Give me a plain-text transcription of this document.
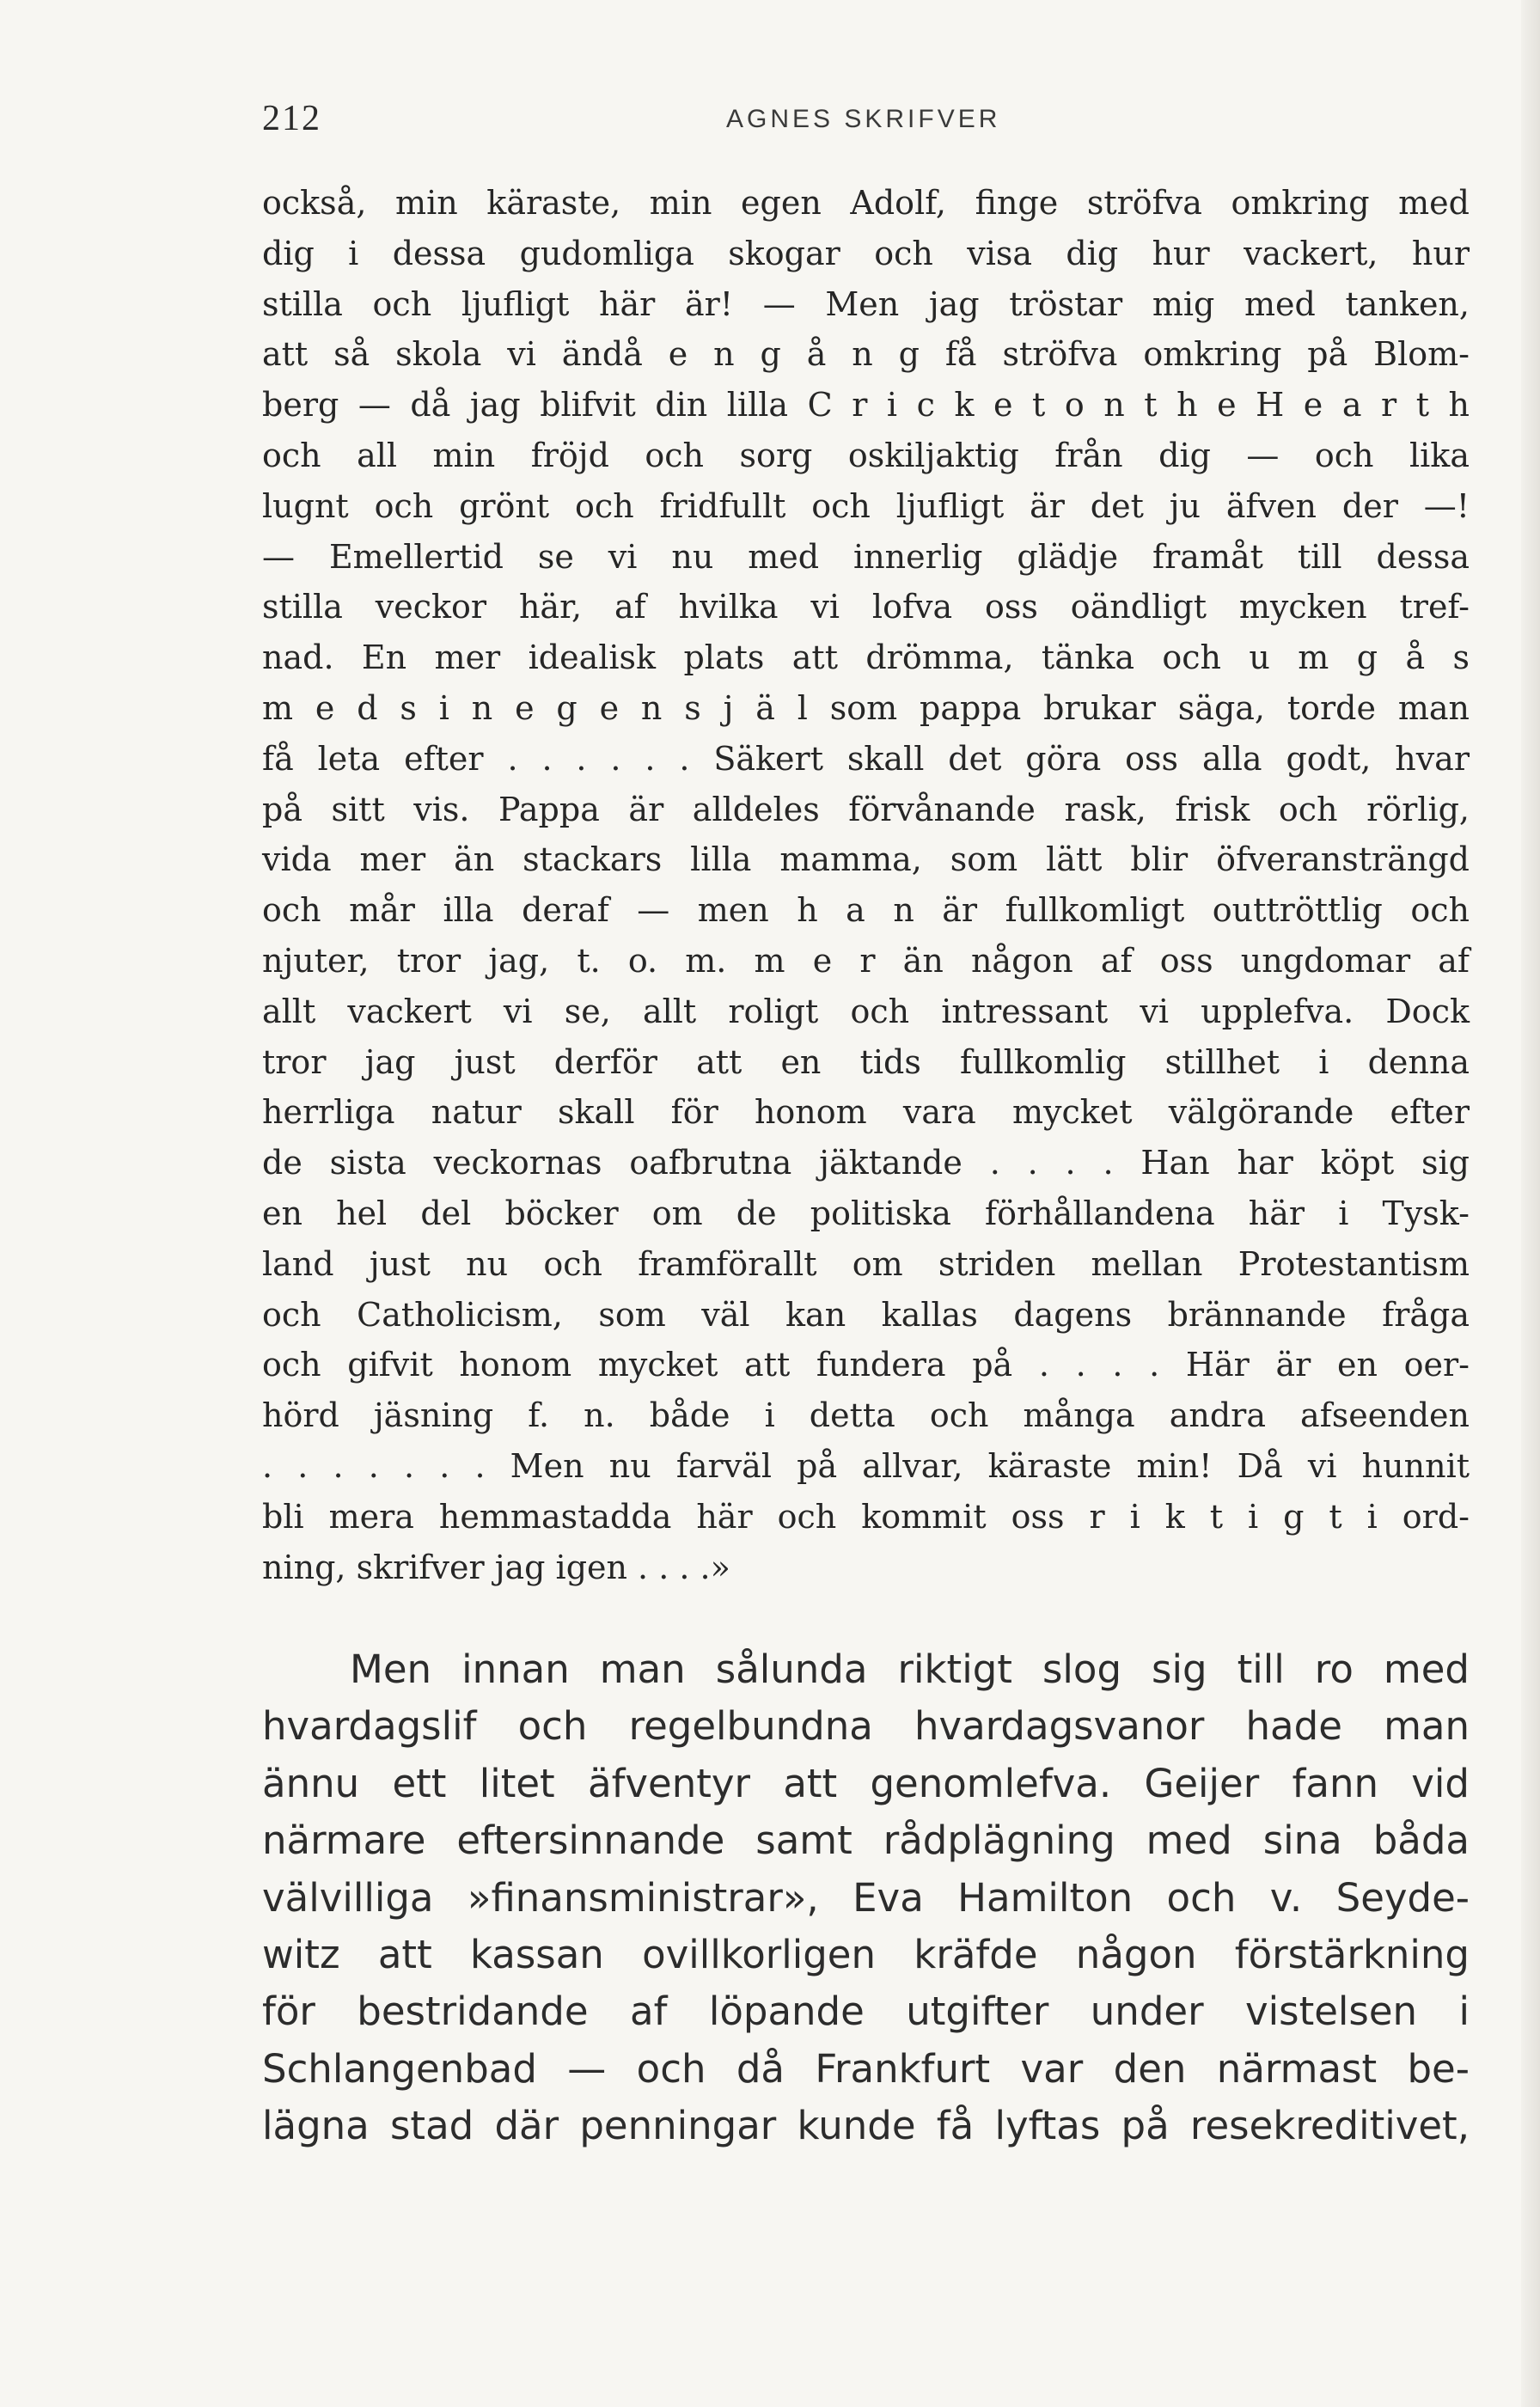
212	AGNES SKRIFVER
också, min käraste, min egen Adolf, finge ströfva omkring med
dig i dessa gudomliga skogar och visa dig hur vackert, hur
stilla och ljufligt här är! — Men jag tröstar mig med tanken,
att så skola vi ändå e n g å n g få ströfva omkring på Blom-
berg — då jag blifvit din lilla C r i c k e t o n t h e H e a r t h
och all min fröjd och sorg oskiljaktig från dig — och lika
lugnt och grönt och fridfullt och ljufligt är det ju äfven der —!
— Emellertid se vi nu med innerlig glädje framåt till dessa
stilla veckor här, af hvilka vi lofva oss oändligt mycken tref-
nad. En mer idealisk plats att drömma, tänka och u m g å s
m e d s i n e g e n s j ä l som pappa brukar säga, torde man
få leta efter . . . . . . Säkert skall det göra oss alla godt, hvar
på sitt vis. Pappa är alldeles förvånande rask, frisk och rörlig,
vida mer än stackars lilla mamma, som lätt blir öfveransträngd
och mår illa deraf — men h a n är fullkomligt outtröttlig och
njuter, tror jag, t. o. m. m e r än någon af oss ungdomar af
allt vackert vi se, allt roligt och intressant vi upplefva. Dock
tror jag just derför att en tids fullkomlig stillhet i denna
herrliga natur skall för honom vara mycket välgörande efter
de sista veckornas oafbrutna jäktande . . . . Han har köpt sig
en hel del böcker om de politiska förhållandena här i Tysk-
land just nu och framförallt om striden mellan Protestantism
och Catholicism, som väl kan kallas dagens brännande fråga
och gifvit honom mycket att fundera på . . . . Här är en oer-
hörd jäsning f. n. både i detta och många andra afseenden
. . . . . . . Men nu farväl på allvar, käraste min! Då vi hunnit
bli mera hemmastadda här och kommit oss r i k t i g t i ord-
ning, skrifver jag igen . . . .»
Men innan man sålunda riktigt slog sig till ro med
hvardagslif och regelbundna hvardagsvanor hade man
ännu ett litet äfventyr att genomlefva. Geijer fann vid
närmare eftersinnande samt rådplägning med sina båda
välvilliga »finansministrar», Eva Hamilton och v. Seyde-
witz att kassan ovillkorligen kräfde någon förstärkning
för bestridande af löpande utgifter under vistelsen i
Schlangenbad — och då Frankfurt var den närmast be-
lägna stad där penningar kunde få lyftas på resekreditivet,
